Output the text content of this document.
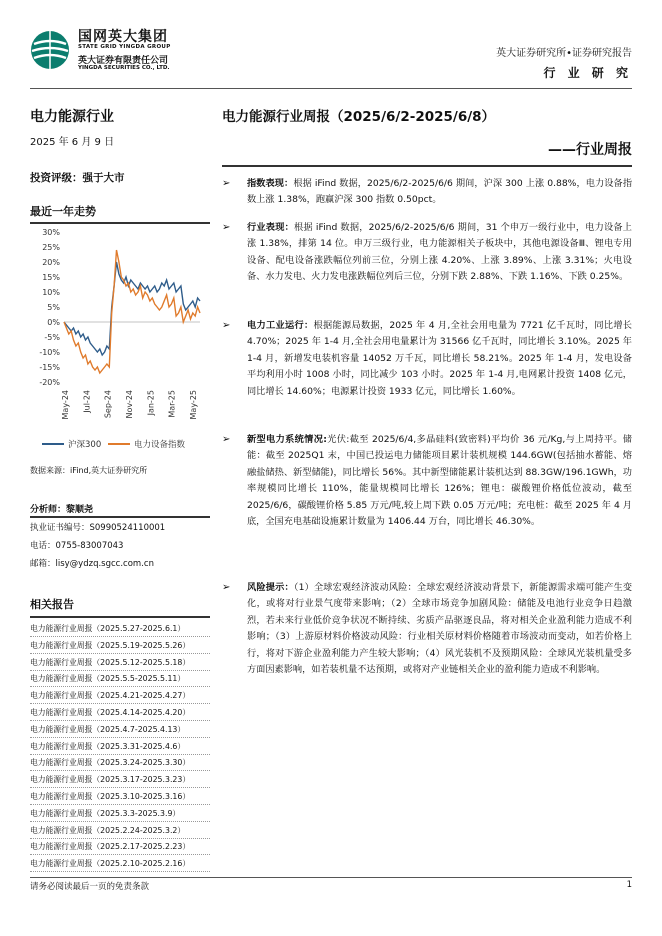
国网英大集团
STATE GRID YINGDA GROUP
英大证券有限责任公司
YINGDA SECURITIES CO., LTD.
英大证券研究所•证券研究报告
行 业 研 究
电力能源行业
2025 年 6 月 9 日
投资评级：强于大市
最近一年走势
30%
25%
20%
15%
10%
5%
0%
-5%
-10%
-15%
-20%
May-24 Jul-24 Sep-24 Nov-24 Jan-25 Mar-25 May-25
沪深300	电力设备指数
数据来源：iFind,英大证券研究所
分析师：黎顺尧
执业证书编号：S0990524110001
电话：0755-83007043
邮箱：lisy@ydzq.sgcc.com.cn
相关报告
电力能源行业周报（2025.5.27-2025.6.1）
电力能源行业周报（2025.5.19-2025.5.26）
电力能源行业周报（2025.5.12-2025.5.18）
电力能源行业周报（2025.5.5-2025.5.11）
电力能源行业周报（2025.4.21-2025.4.27）
电力能源行业周报（2025.4.14-2025.4.20）
电力能源行业周报（2025.4.7-2025.4.13）
电力能源行业周报（2025.3.31-2025.4.6）
电力能源行业周报（2025.3.24-2025.3.30）
电力能源行业周报（2025.3.17-2025.3.23）
电力能源行业周报（2025.3.10-2025.3.16）
电力能源行业周报（2025.3.3-2025.3.9）
电力能源行业周报（2025.2.24-2025.3.2）
电力能源行业周报（2025.2.17-2025.2.23）
电力能源行业周报（2025.2.10-2025.2.16）
电力能源行业周报（2025/6/2-2025/6/8）
——行业周报
➢ 指数表现：根据 iFind 数据，2025/6/2-2025/6/6 期间，沪深 300 上涨 0.88%，电力设备指数上涨 1.38%，跑赢沪深 300 指数 0.50pct。
➢ 行业表现：根据 iFind 数据，2025/6/2-2025/6/6 期间，31 个申万一级行业中，电力设备上涨 1.38%，排第 14 位。申万三级行业，电力能源相关子板块中，其他电源设备Ⅲ、锂电专用设备、配电设备涨跌幅位列前三位，分别上涨 4.20%、上涨 3.89%、上涨 3.31%；火电设备、水力发电、火力发电涨跌幅位列后三位，分别下跌 2.88%、下跌 1.16%、下跌 0.25%。
➢ 电力工业运行：根据能源局数据，2025 年 4 月,全社会用电量为 7721 亿千瓦时，同比增长 4.70%；2025 年 1-4 月,全社会用电量累计为 31566 亿千瓦时，同比增长 3.10%。2025 年 1-4 月，新增发电装机容量 14052 万千瓦，同比增长 58.21%。2025 年 1-4 月，发电设备平均利用小时 1008 小时，同比减少 103 小时。2025 年 1-4 月,电网累计投资 1408 亿元，同比增长 14.60%；电源累计投资 1933 亿元，同比增长 1.60%。
➢ 新型电力系统情况:光伏:截至 2025/6/4,多晶硅料(致密料)平均价 36 元/Kg,与上周持平。储能：截至 2025Q1 末，中国已投运电力储能项目累计装机规模 144.6GW(包括抽水蓄能、熔融盐储热、新型储能)，同比增长 56%。其中新型储能累计装机达到 88.3GW/196.1GWh，功率规模同比增长 110%，能量规模同比增长 126%；锂电：碳酸锂价格低位波动，截至 2025/6/6，碳酸锂价格 5.85 万元/吨,较上周下跌 0.05 万元/吨；充电桩：截至 2025 年 4 月底，全国充电基础设施累计数量为 1406.44 万台，同比增长 46.30%。
➢ 风险提示：（1）全球宏观经济波动风险：全球宏观经济波动背景下，新能源需求端可能产生变化，或将对行业景气度带来影响；（2）全球市场竞争加剧风险：储能及电池行业竞争日趋激烈，若未来行业低价竞争状况不断持续、劣质产品驱逐良品，将对相关企业盈利能力造成不利影响；（3）上游原材料价格波动风险：行业相关原材料价格随着市场波动而变动，如若价格上行，将对下游企业盈利能力产生较大影响；（4）风光装机不及预期风险：全球风光装机量受多方面因素影响，如若装机量不达预期，或将对产业链相关企业的盈利能力造成不利影响。
请务必阅读最后一页的免责条款	1
